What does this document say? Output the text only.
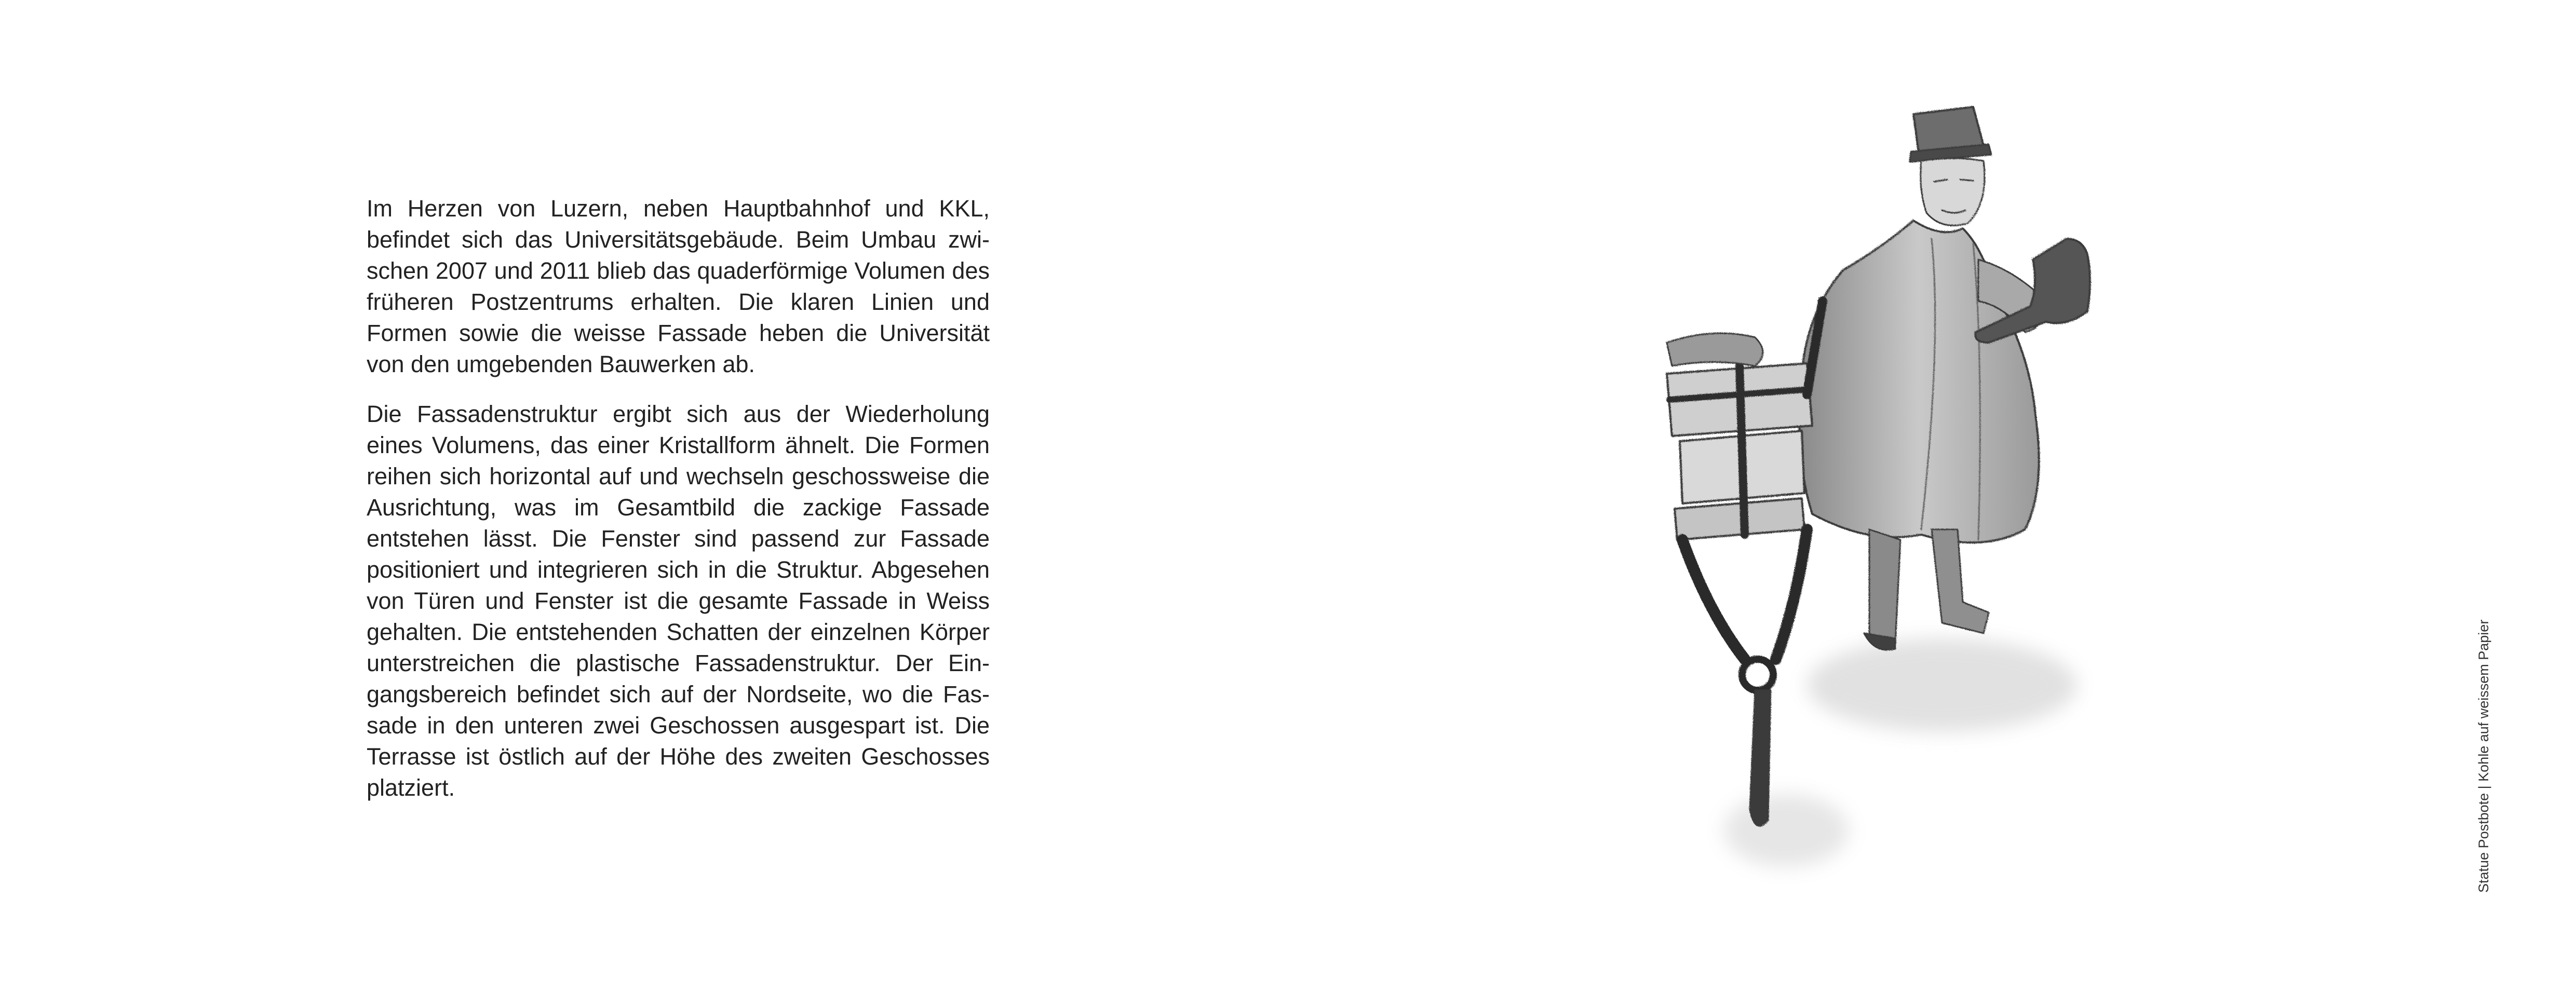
Im Herzen von Luzern, neben Hauptbahnhof und KKL, befindet sich das Universitätsgebäude. Beim Umbau zwischen 2007 und 2011 blieb das quaderförmige Volumen des früheren Postzentrums erhalten. Die klaren Linien und Formen sowie die weisse Fassade heben die Universität von den umgebenden Bauwerken ab.

Die Fassadenstruktur ergibt sich aus der Wiederholung eines Volumens, das einer Kristallform ähnelt. Die Formen reihen sich horizontal auf und wechseln geschossweise die Ausrichtung, was im Gesamtbild die zackige Fassade entstehen lässt. Die Fenster sind passend zur Fassade positioniert und integrieren sich in die Struktur. Abgesehen von Türen und Fenster ist die gesamte Fassade in Weiss gehalten. Die entstehenden Schatten der einzelnen Körper unterstreichen die plastische Fassadenstruktur. Der Eingangsbereich befindet sich auf der Nordseite, wo die Fassade in den unteren zwei Geschossen ausgespart ist. Die Terrasse ist östlich auf der Höhe des zweiten Geschosses platziert.	Statue Postbote | Kohle auf weissem Papier
